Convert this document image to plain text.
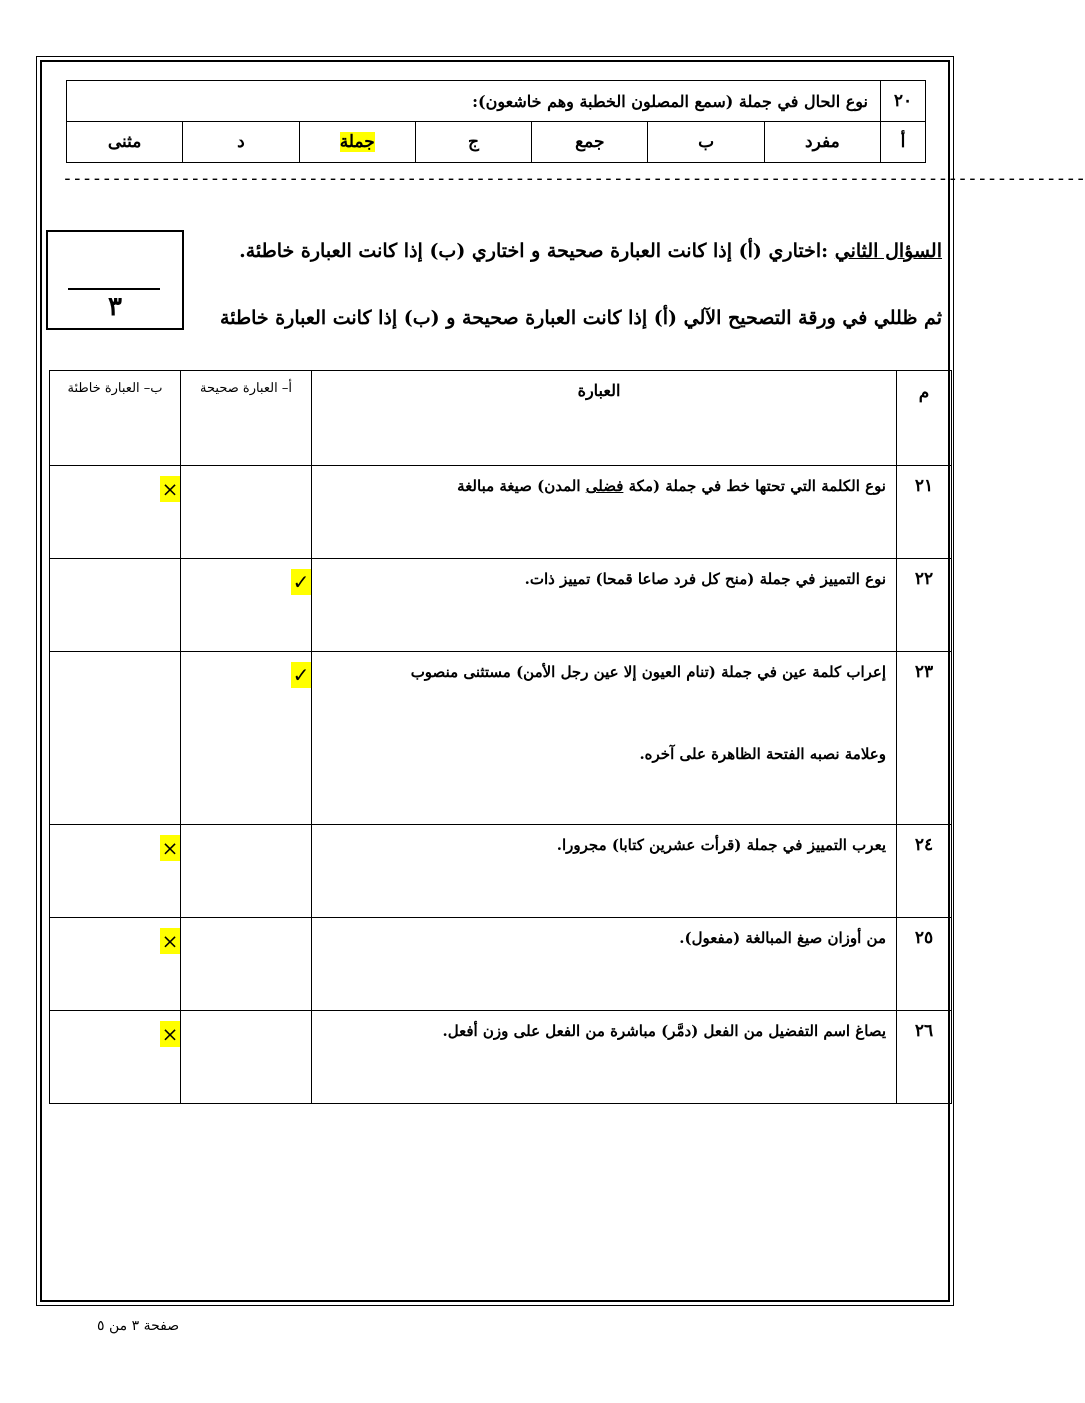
٢٠	نوع الحال في جملة (سمع المصلون الخطبة وهم خاشعون):						
أ	مفرد	ب	جمع	ج	جملة	د	مثنى
--------------------------------------------------------------------------------------------------------
٣
السؤال الثاني :اختاري (أ) إذا كانت العبارة صحيحة و اختاري (ب) إذا كانت العبارة خاطئة.
ثم ظللي في ورقة التصحيح الآلي (أ) إذا كانت العبارة صحيحة و (ب) إذا كانت العبارة خاطئة
م	العبارة	أ– العبارة صحيحة	ب– العبارة خاطئة
٢١	نوع الكلمة التي تحتها خط في جملة (مكة فضلى المدن) صيغة مبالغة		×
٢٢	نوع التمييز في جملة (منح كل فرد صاعا قمحا) تمييز ذات.	✓	
٢٣	إعراب كلمة عين في جملة (تنام العيون إلا عين رجل الأمن) مستثنى منصوب
وعلامة نصبه الفتحة الظاهرة على آخره.	✓	
٢٤	يعرب التمييز في جملة (قرأت عشرين كتابا) مجرورا.		×
٢٥	من أوزان صيغ المبالغة (مفعول).		×
٢٦	يصاغ اسم التفضيل من الفعل (دمَّر) مباشرة من الفعل على وزن أفعل.		×
صفحة ٣ من ٥
